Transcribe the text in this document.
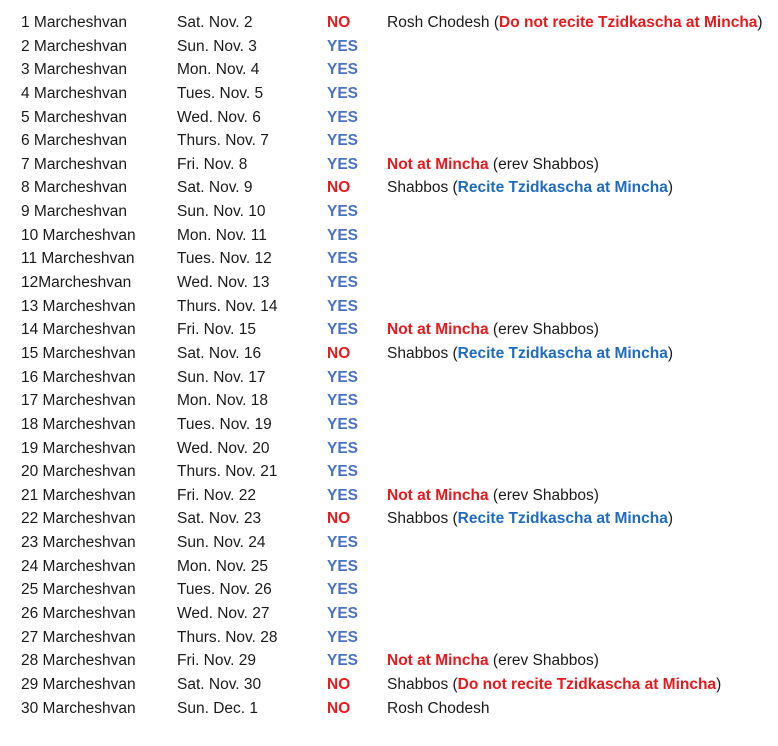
1 Marcheshvan	Sat. Nov. 2	NO Rosh Chodesh (Do not recite Tzidkascha at Mincha)
2 Marcheshvan	Sun. Nov. 3	YES
3 Marcheshvan	Mon. Nov. 4	YES
4 Marcheshvan	Tues. Nov. 5	YES
5 Marcheshvan	Wed. Nov. 6	YES
6 Marcheshvan	Thurs. Nov. 7	YES
7 Marcheshvan	Fri. Nov. 8	YES Not at Mincha (erev Shabbos)
8 Marcheshvan	Sat. Nov. 9	NO Shabbos (Recite Tzidkascha at Mincha)
9 Marcheshvan	Sun. Nov. 10	YES
10 Marcheshvan	Mon. Nov. 11	YES
11 Marcheshvan	Tues. Nov. 12	YES
12Marcheshvan	Wed. Nov. 13	YES
13 Marcheshvan	Thurs. Nov. 14	YES
14 Marcheshvan	Fri. Nov. 15	YES Not at Mincha (erev Shabbos)
15 Marcheshvan	Sat. Nov. 16	NO Shabbos (Recite Tzidkascha at Mincha)
16 Marcheshvan	Sun. Nov. 17	YES
17 Marcheshvan	Mon. Nov. 18	YES
18 Marcheshvan	Tues. Nov. 19	YES
19 Marcheshvan	Wed. Nov. 20	YES
20 Marcheshvan	Thurs. Nov. 21	YES
21 Marcheshvan	Fri. Nov. 22	YES Not at Mincha (erev Shabbos)
22 Marcheshvan	Sat. Nov. 23	NO Shabbos (Recite Tzidkascha at Mincha)
23 Marcheshvan	Sun. Nov. 24	YES
24 Marcheshvan	Mon. Nov. 25	YES
25 Marcheshvan	Tues. Nov. 26	YES
26 Marcheshvan	Wed. Nov. 27	YES
27 Marcheshvan	Thurs. Nov. 28	YES
28 Marcheshvan	Fri. Nov. 29	YES Not at Mincha (erev Shabbos)
29 Marcheshvan	Sat. Nov. 30	NO Shabbos (Do not recite Tzidkascha at Mincha)
30 Marcheshvan	Sun. Dec. 1	NO Rosh Chodesh
